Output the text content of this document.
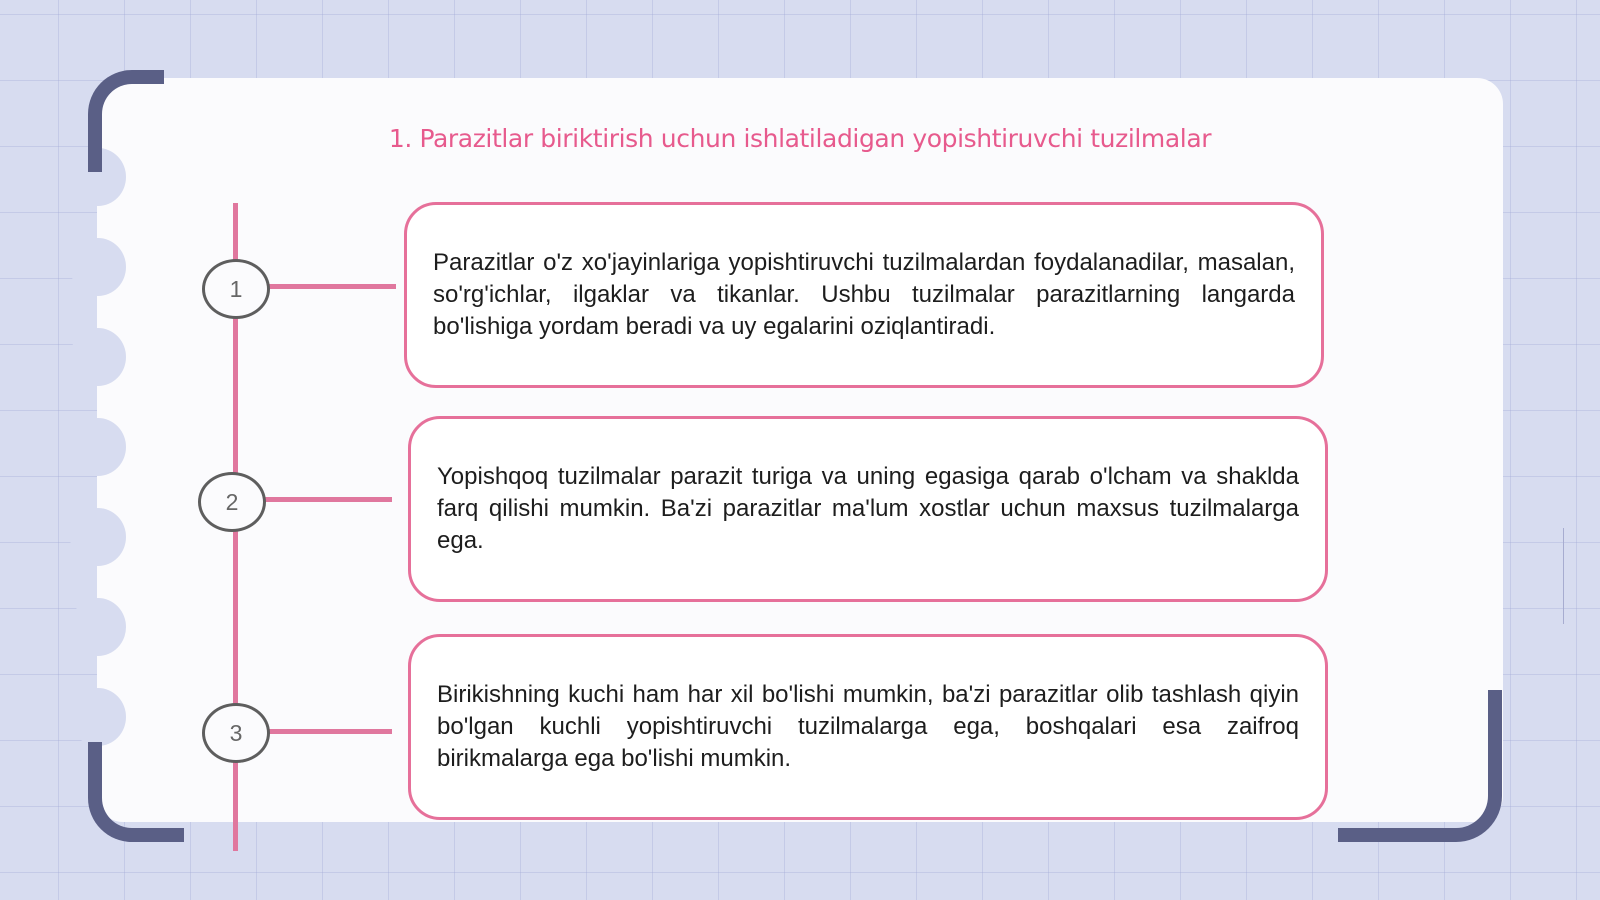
1. Parazitlar biriktirish uchun ishlatiladigan yopishtiruvchi tuzilmalar
1
2
3

Parazitlar o'z xo'jayinlariga yopishtiruvchi tuzilmalardan foydalanadilar, masalan, so'rg'ichlar, ilgaklar va tikanlar. Ushbu tuzilmalar parazitlarning langarda bo'lishiga yordam beradi va uy egalarini oziqlantiradi.

Yopishqoq tuzilmalar parazit turiga va uning egasiga qarab o'lcham va shaklda farq qilishi mumkin. Ba'zi parazitlar ma'lum xostlar uchun maxsus tuzilmalarga ega.

Birikishning kuchi ham har xil bo'lishi mumkin, ba'zi parazitlar olib tashlash qiyin bo'lgan kuchli yopishtiruvchi tuzilmalarga ega, boshqalari esa zaifroq birikmalarga ega bo'lishi mumkin.
